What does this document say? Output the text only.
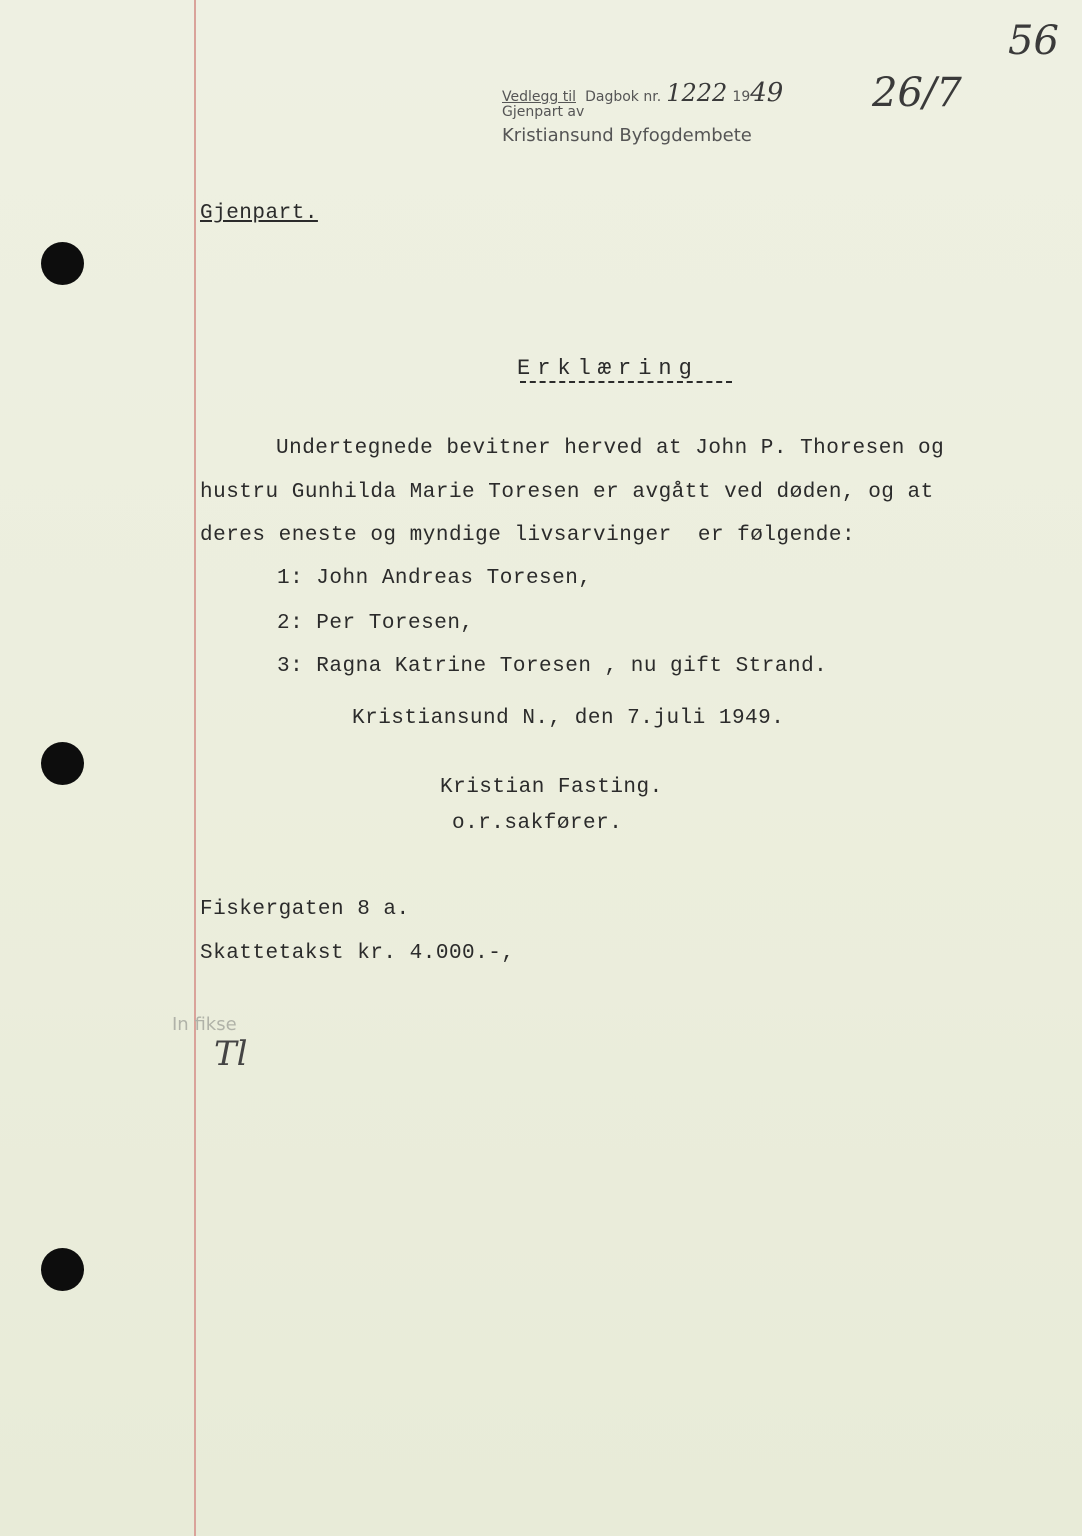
Vedlegg til Dagbok nr. 1222 1949
Gjenpart av
Kristiansund Byfogdembete
26/7
56
Gjenpart.
Erklæring
Undertegnede bevitner herved at John P. Thoresen og
hustru Gunhilda Marie Toresen er avgått ved døden, og at
deres eneste og myndige livsarvinger  er følgende:
1: John Andreas Toresen,
2: Per Toresen,
3: Ragna Katrine Toresen , nu gift Strand.
Kristiansund N., den 7.juli 1949.
Kristian Fasting.
o.r.sakfører.
Fiskergaten 8 a.
Skattetakst kr. 4.000.-,
In fikse
Tl
